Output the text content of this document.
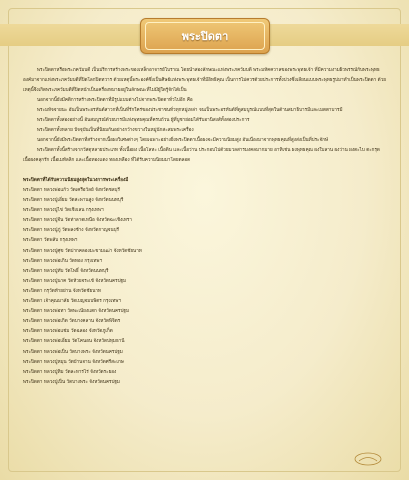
พระปิดตา

พระปิดตาหรือพระภควัมบดี เป็นปริการสร้างพระของเหล็กอาจารย์โบราณ โดยนำสองลักษณะแห่งพระภควัมบดี พระมหัคควาลของพระพุทธเจ้า ที่มีความงามผิวพรรณ์กับพระพุทธองค์มาจากแห่งพระภควัมบดีที่ปิดโลกปิดทวาร ด้วยเหตุนี้พระองค์ซึ่งเป็นศิษย์แห่งพระพุทธเจ้าที่มีอิทธิคุณ เป็นการไม่ควรด้วยประการทั้งปวงซึ่งเลียนแบบพระพุทธรูปมาทำเป็นพระปิดตา ด้วยเหตุนี้จึงเกิดพระภควัมบดีที่ปิดหน้าเป็นเครื่องหมายอยู่ในลักษณะที่ไม่มีผู้ใดรู้จักได้เป็น

นอกจากนี้ยังมีคติการสร้างพระปิดตาที่มีรูปแบบต่างไปจากพระปิดตาทั่วไปอีก คือ

พระมหัจจายนะ อันเป็นพระอรหันต์สาวกที่เป็นที่รักใคร่ของประชาชนทั่วทุกหมู่เหล่า จนเป็นพระอรหันต์ที่ดูสมบูรณ์แบบที่สุดในด้านสมาธิบารมีและเมตตาบารมี

พระปิดตาทั้งสองอย่างนี้ อันสมบูรณ์ด้วยบารมีแห่งพุทธคุณที่ครบถ้วน ผู้ที่บูชาย่อมได้รับอานิสงส์ทั้งสองประการ

พระปิดตาทั้งหลาย ปัจจุบันเป็นที่นิยมกันอย่างกว้างขวางในหมู่นักสะสมพระเครื่อง

นอกจากนี้ยังมีพระปิดตาที่สร้างจากเนื้อผงวิเศษต่างๆ โดยเฉพาะอย่างยิ่งพระปิดตาเนื้อผงจะมีความนิยมสูง อันเนื่องมาจากพุทธคุณที่สูงส่งเป็นที่ประจักษ์

พระปิดตาทั้งนี้สร้างจากวัสดุหลายประเภท ทั้งเนื้อผง เนื้อโลหะ เนื้อดิน และเนื้อว่าน ประกอบไปด้วยมวลสารมงคลมากมาย อาทิเช่น ผงพุทธคุณ ผงใบลาน ผงว่าน ผงตะไบ ตะกรุด เนื้อผงคลุกรัก เนื้อเมทัลลิก และเนื้อทองแดง ทองเหลือง ที่ได้รับความนิยมมาโดยตลอด

พระปิดตาที่ได้รับความนิยมสูงสุดในวงการพระเครื่องมี

พระปิดตา หลวงพ่อแก้ว วัดเครือวัลย์ จังหวัดชลบุรี
พระปิดตา หลวงปู่เอี่ยม วัดสะพานสูง จังหวัดนนทบุรี
พระปิดตา หลวงปู่ไข่ วัดเชิงเลน กรุงเทพฯ
พระปิดตา หลวงปู่จีน วัดท่าลาดเหนือ จังหวัดฉะเชิงเทรา
พระปิดตา หลวงปู่ภู่ วัดพลงช้าง จังหวัดกาญจนบุรี
พระปิดตา วัดพลับ กรุงเทพฯ
พระปิดตา หลวงปู่ศุข วัดปากคลองมะขามเฒ่า จังหวัดชัยนาท
พระปิดตา หลวงพ่อเกิน วัดทอง กรุงเทพฯ
พระปิดตา หลวงปู่ทับ วัดโพธิ์ จังหวัดนนทบุรี
พระปิดตา หลวงปู่นาค วัดห้วยจระเข้ จังหวัดนครปฐม
พระปิดตา กรุวัดท้ายย่าน จังหวัดชัยนาท
พระปิดตา เจ้าคุณมาลัย วัดเบญจมบพิตร กรุงเทพฯ
พระปิดตา หลวงพ่อทา วัดพะเนียงแตก จังหวัดนครปฐม
พระปิดตา หลวงพ่อเกิด วัดบางคลาน จังหวัดพิจิตร
พระปิดตา หลวงพ่อแช่ม วัดฉลอง จังหวัดภูเก็ต
พระปิดตา หลวงพ่อเอี่ยม วัดโคนอน จังหวัดปทุมธานี
พระปิดตา หลวงพ่อเปิ่น วัดบางพระ จังหวัดนครปฐม
พระปิดตา หลวงปู่หมุน วัดบ้านจาน จังหวัดศรีสะเกษ
พระปิดตา หลวงปู่ทิม วัดละหารไร่ จังหวัดระยอง
พระปิดตา หลวงปู่เปิ่น วัดบางพระ จังหวัดนครปฐม
